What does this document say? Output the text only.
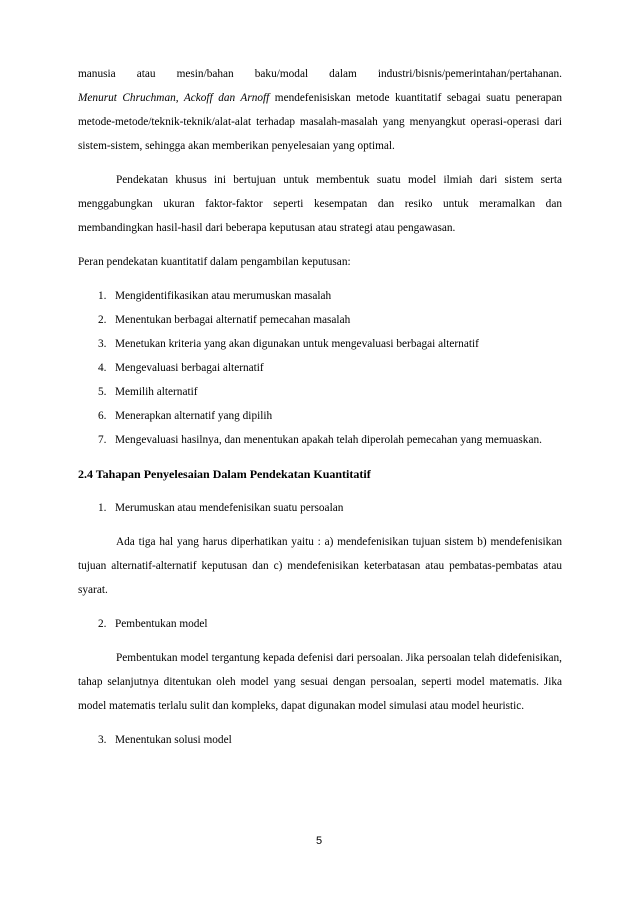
manusia atau mesin/bahan baku/modal dalam industri/bisnis/pemerintahan/pertahanan.
Menurut Chruchman, Ackoff dan Arnoff mendefenisiskan metode kuantitatif sebagai suatu penerapan metode-metode/teknik-teknik/alat-alat terhadap masalah-masalah yang menyangkut operasi-operasi dari sistem-sistem, sehingga akan memberikan penyelesaian yang optimal.

Pendekatan khusus ini bertujuan untuk membentuk suatu model ilmiah dari sistem serta menggabungkan ukuran faktor-faktor seperti kesempatan dan resiko untuk meramalkan dan membandingkan hasil-hasil dari beberapa keputusan atau strategi atau pengawasan.

Peran pendekatan kuantitatif dalam pengambilan keputusan:

1. Mengidentifikasikan atau merumuskan masalah
2. Menentukan berbagai alternatif pemecahan masalah
3. Menetukan kriteria yang akan digunakan untuk mengevaluasi berbagai alternatif
4. Mengevaluasi berbagai alternatif
5. Memilih alternatif
6. Menerapkan alternatif yang dipilih
7. Mengevaluasi hasilnya, dan menentukan apakah telah diperolah pemecahan yang memuaskan.

2.4 Tahapan Penyelesaian Dalam Pendekatan Kuantitatif

1. Merumuskan atau mendefenisikan suatu persoalan

Ada tiga hal yang harus diperhatikan yaitu : a) mendefenisikan tujuan sistem b) mendefenisikan tujuan alternatif-alternatif keputusan dan c) mendefenisikan keterbatasan atau pembatas-pembatas atau syarat.

2. Pembentukan model

Pembentukan model tergantung kepada defenisi dari persoalan. Jika persoalan telah didefenisikan, tahap selanjutnya ditentukan oleh model yang sesuai dengan persoalan, seperti model matematis. Jika model matematis terlalu sulit dan kompleks, dapat digunakan model simulasi atau model heuristic.

3. Menentukan solusi model
5
